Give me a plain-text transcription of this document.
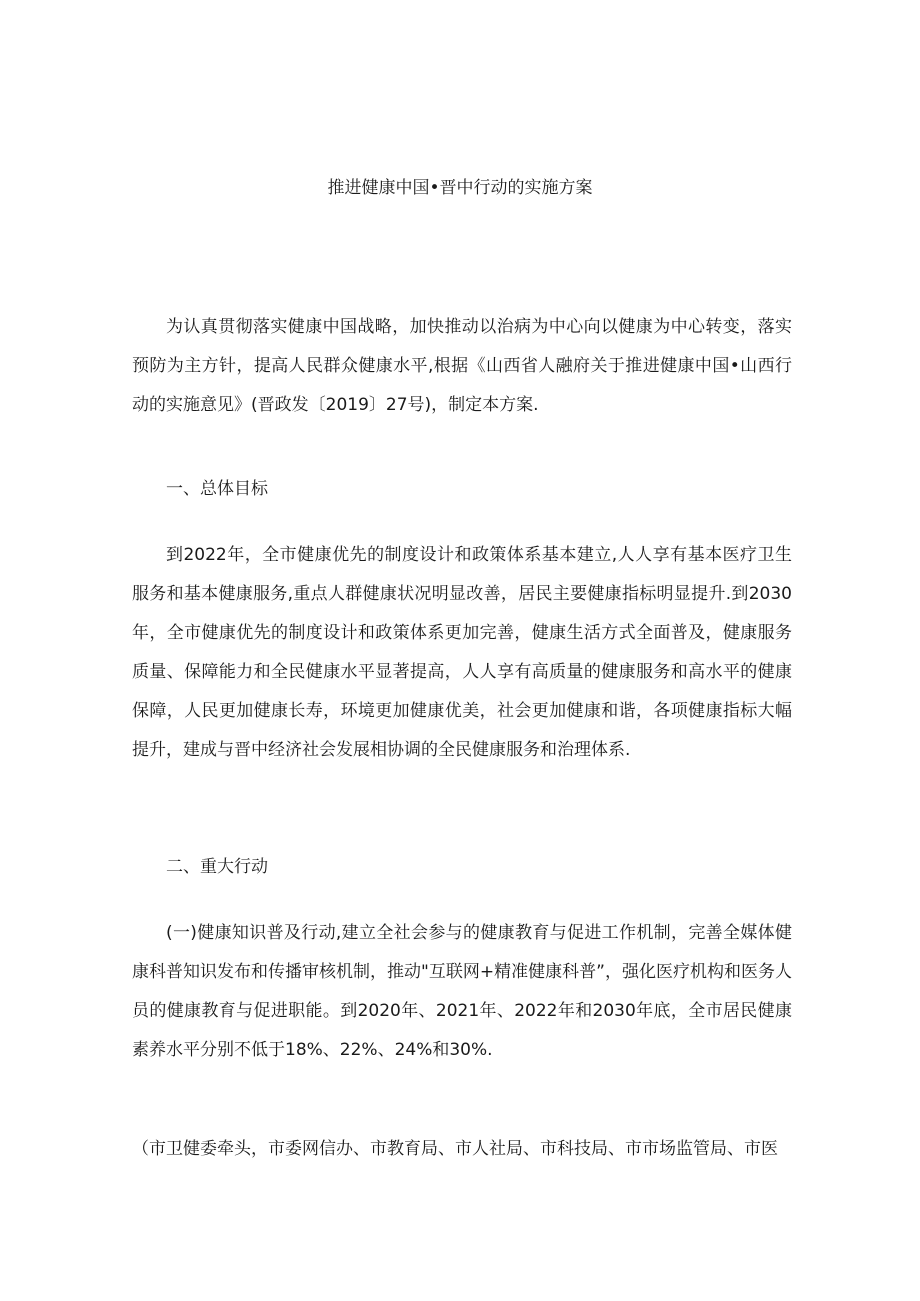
推进健康中国•晋中行动的实施方案

为认真贯彻落实健康中国战略，加快推动以治病为中心向以健康为中心转变，落实预防为主方针，提高人民群众健康水平,根据《山西省人融府关于推进健康中国•山西行动的实施意见》(晋政发〔2019〕27号)，制定本方案.

一、总体目标

到2022年，全市健康优先的制度设计和政策体系基本建立,人人享有基本医疗卫生服务和基本健康服务,重点人群健康状况明显改善，居民主要健康指标明显提升.到2030年，全市健康优先的制度设计和政策体系更加完善，健康生活方式全面普及，健康服务质量、保障能力和全民健康水平显著提高，人人享有高质量的健康服务和高水平的健康保障，人民更加健康长寿，环境更加健康优美，社会更加健康和谐，各项健康指标大幅提升，建成与晋中经济社会发展相协调的全民健康服务和治理体系.

二、重大行动

(一)健康知识普及行动,建立全社会参与的健康教育与促进工作机制，完善全媒体健康科普知识发布和传播审核机制，推动"互联网+精准健康科普”，强化医疗机构和医务人员的健康教育与促进职能。到2020年、2021年、2022年和2030年底，全市居民健康素养水平分别不低于18%、22%、24%和30%.

（市卫健委牵头，市委网信办、市教育局、市人社局、市科技局、市市场监管局、市医
